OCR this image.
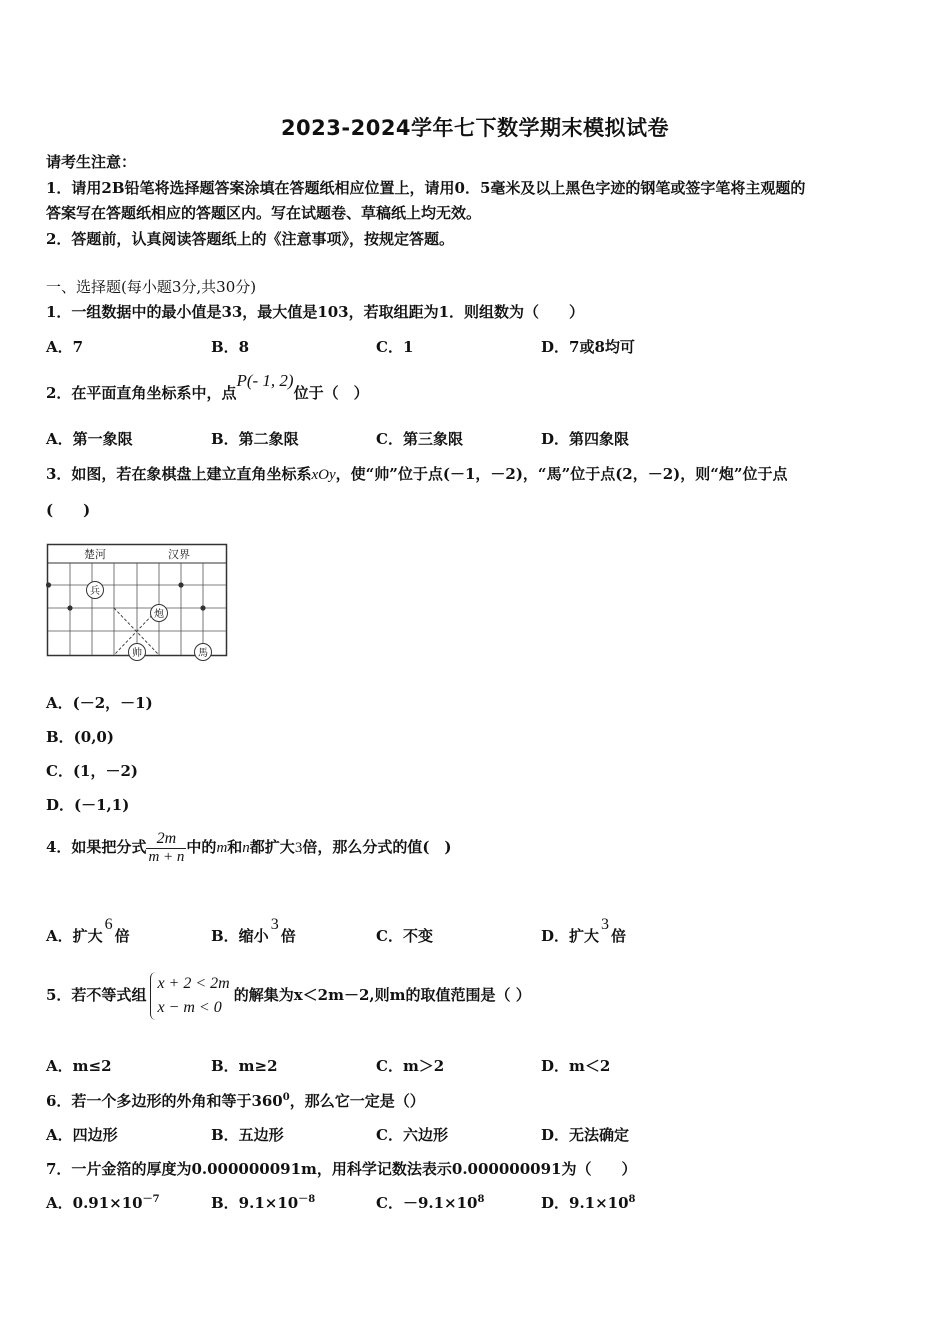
2023-2024学年七下数学期末模拟试卷
请考生注意：
1．请用2B铅笔将选择题答案涂填在答题纸相应位置上，请用0．5毫米及以上黑色字迹的钢笔或签字笔将主观题的
答案写在答题纸相应的答题区内。写在试题卷、草稿纸上均无效。
2．答题前，认真阅读答题纸上的《注意事项》，按规定答题。
一、选择题(每小题3分,共30分)
1．一组数据中的最小值是33，最大值是103，若取组距为1．则组数为（　　）
A．7	B．8	C．1	D．7或8均可
2．在平面直角坐标系中，点P(- 1, 2)位于（　）
A．第一象限	B．第二象限	C．第三象限	D．第四象限
3．如图，若在象棋盘上建立直角坐标系xOy，使“帅”位于点(－1，－2)，“馬”位于点(2，－2)，则“炮”位于点
(　　)
楚河	汉界
兵
炮
帅	馬
A．(－2，－1)
B．(0,0)
C．(1，－2)
D．(－1,1)
4．如果把分式 $\frac{2m}{m + n}$ 中的m和n都扩大3倍，那么分式的值(　)
A．扩大6倍	B．缩小3倍	C．不变	D．扩大3倍
5．若不等式组
x + 2 < 2m
x − m < 0
的解集为x＜2m－2,则m的取值范围是（ ）
A．m≤2	B．m≥2	C．m＞2	D．m＜2
6．若一个多边形的外角和等于$360^0$，那么它一定是（）
A．四边形	B．五边形	C．六边形	D．无法确定
7．一片金箔的厚度为0.000000091m，用科学记数法表示0.000000091为（　　）
A．$0.91\times 10^{-7}$	B．$9.1\times 10^{-8}$	C．$-9.1\times 10^8$	D．$9.1\times 10^8$
